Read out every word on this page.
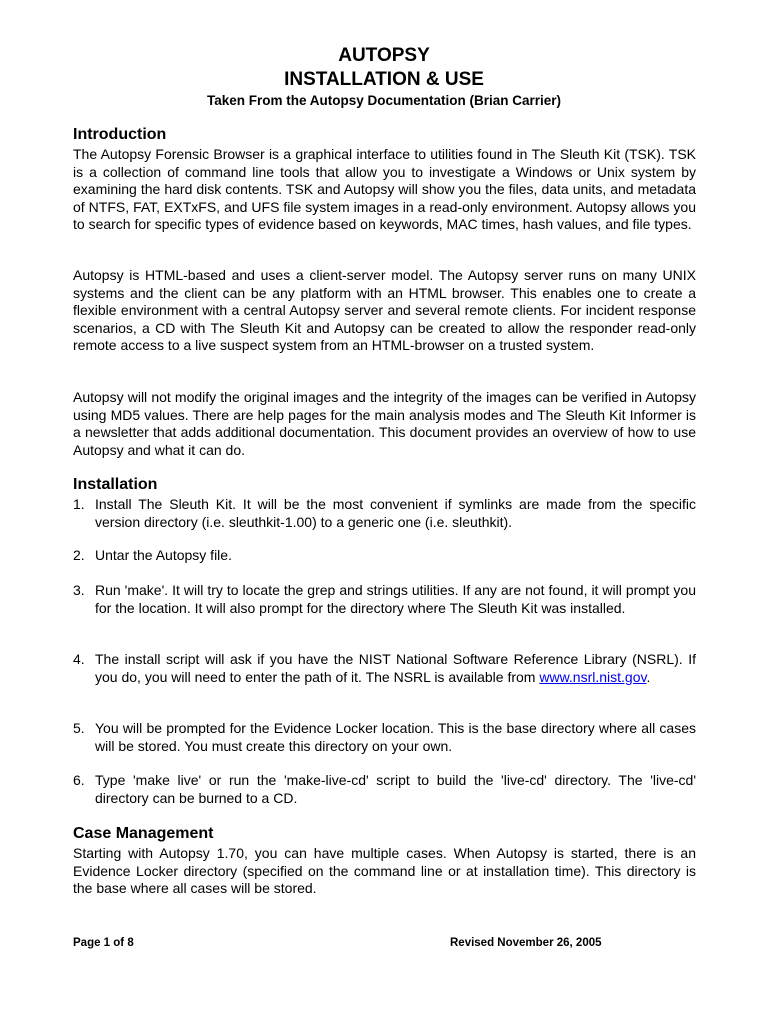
AUTOPSY
INSTALLATION & USE
Taken From the Autopsy Documentation (Brian Carrier)
Introduction
The Autopsy Forensic Browser is a graphical interface to utilities found in The Sleuth Kit (TSK). TSK is a collection of command line tools that allow you to investigate a Windows or Unix system by examining the hard disk contents. TSK and Autopsy will show you the files, data units, and metadata of NTFS, FAT, EXTxFS, and UFS file system images in a read-only environment. Autopsy allows you to search for specific types of evidence based on keywords, MAC times, hash values, and file types.
Autopsy is HTML-based and uses a client-server model. The Autopsy server runs on many UNIX systems and the client can be any platform with an HTML browser. This enables one to create a flexible environment with a central Autopsy server and several remote clients. For incident response scenarios, a CD with The Sleuth Kit and Autopsy can be created to allow the responder read-only remote access to a live suspect system from an HTML-browser on a trusted system.
Autopsy will not modify the original images and the integrity of the images can be verified in Autopsy using MD5 values. There are help pages for the main analysis modes and The Sleuth Kit Informer is a newsletter that adds additional documentation. This document provides an overview of how to use Autopsy and what it can do.
Installation
1. Install The Sleuth Kit. It will be the most convenient if symlinks are made from the specific version directory (i.e. sleuthkit-1.00) to a generic one (i.e. sleuthkit).
2. Untar the Autopsy file.
3. Run 'make'. It will try to locate the grep and strings utilities. If any are not found, it will prompt you for the location. It will also prompt for the directory where The Sleuth Kit was installed.
4. The install script will ask if you have the NIST National Software Reference Library (NSRL). If you do, you will need to enter the path of it. The NSRL is available from www.nsrl.nist.gov.
5. You will be prompted for the Evidence Locker location. This is the base directory where all cases will be stored. You must create this directory on your own.
6. Type 'make live' or run the 'make-live-cd' script to build the 'live-cd' directory. The 'live-cd' directory can be burned to a CD.
Case Management
Starting with Autopsy 1.70, you can have multiple cases. When Autopsy is started, there is an Evidence Locker directory (specified on the command line or at installation time). This directory is the base where all cases will be stored.
Page 1 of 8	Revised November 26, 2005
